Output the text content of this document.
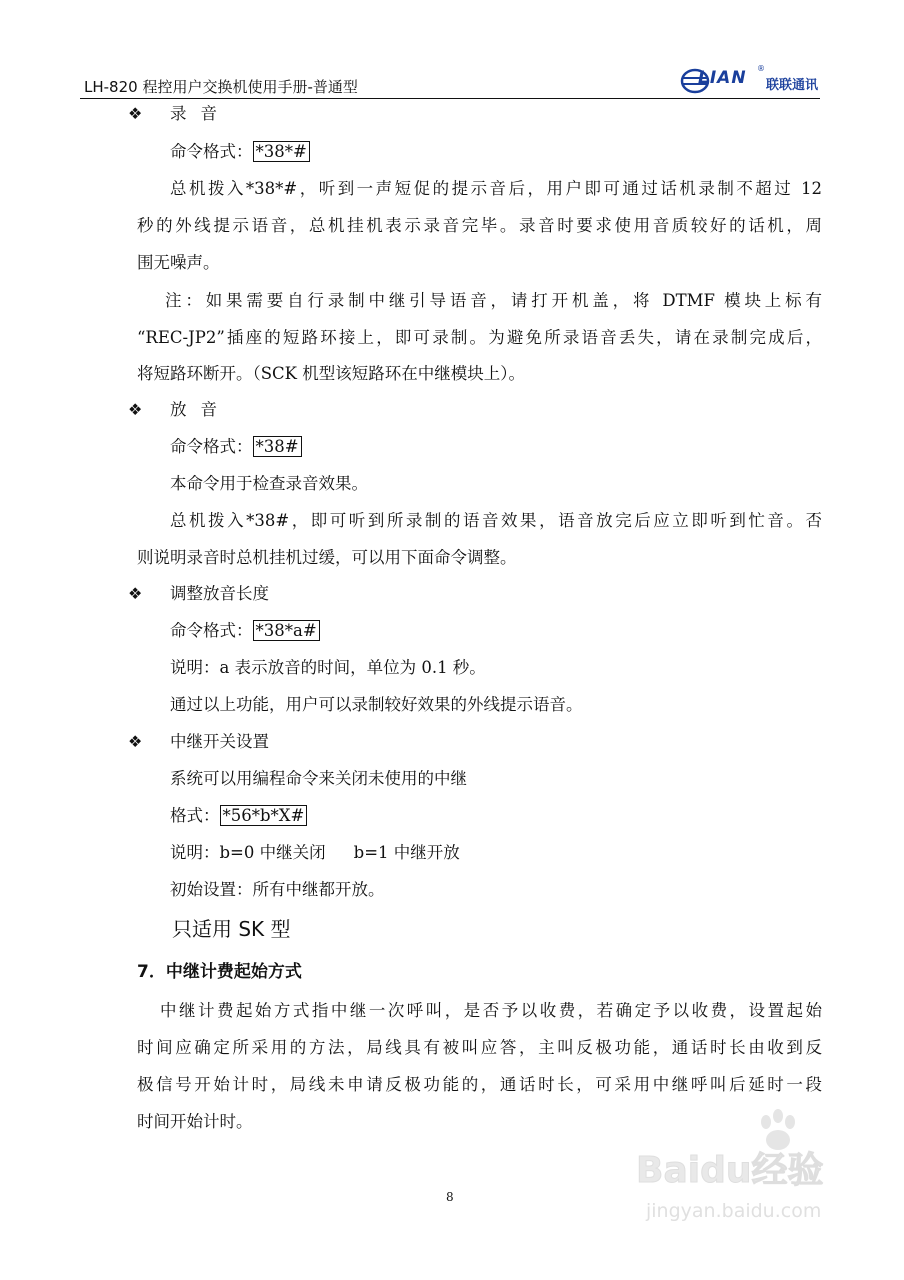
LH-820 程控用户交换机使用手册-普通型	LIAN ®
联联通讯
❖ 录音
命令格式： *38*#
总机拨入*38*#，听到一声短促的提示音后，用户即可通过话机录制不超过 12
秒的外线提示语音，总机挂机表示录音完毕。录音时要求使用音质较好的话机，周
围无噪声。
注：如果需要自行录制中继引导语音，请打开机盖，将 DTMF 模块上标有
“REC-JP2”插座的短路环接上，即可录制。为避免所录语音丢失，请在录制完成后，
将短路环断开。（SCK 机型该短路环在中继模块上）。
❖ 放音
命令格式： *38#
本命令用于检查录音效果。
总机拨入*38#，即可听到所录制的语音效果，语音放完后应立即听到忙音。否
则说明录音时总机挂机过缓，可以用下面命令调整。
❖ 调整放音长度
命令格式： *38*a#
说明：a 表示放音的时间，单位为 0.1 秒。
通过以上功能，用户可以录制较好效果的外线提示语音。
❖ 中继开关设置
系统可以用编程命令来关闭未使用的中继
格式： *56*b*X#
说明：b=0 中继关闭 b=1 中继开放
初始设置：所有中继都开放。
只适用 SK 型
7．中继计费起始方式
中继计费起始方式指中继一次呼叫，是否予以收费，若确定予以收费，设置起始
时间应确定所采用的方法，局线具有被叫应答，主叫反极功能，通话时长由收到反
极信号开始计时，局线未申请反极功能的，通话时长，可采用中继呼叫后延时一段
时间开始计时。
8
Baidu经验
jingyan.baidu.com
